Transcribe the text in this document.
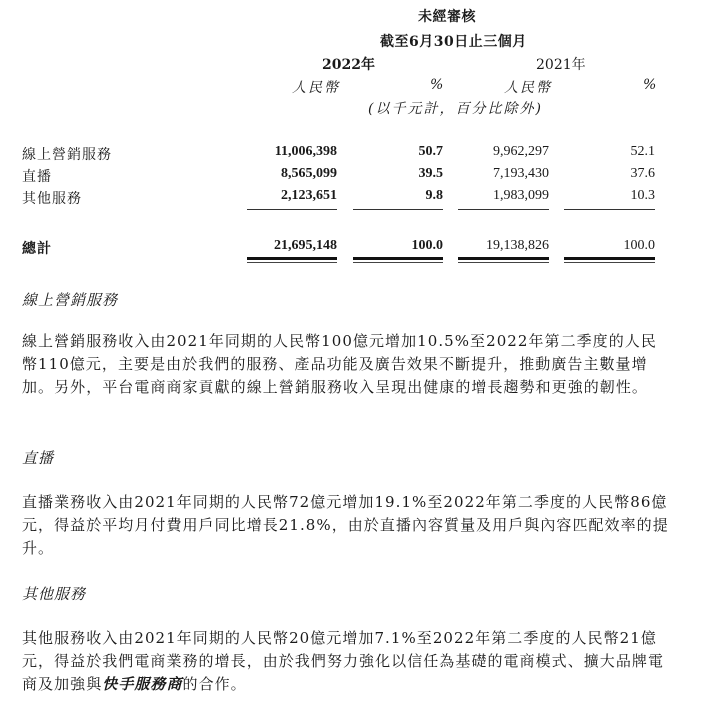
未經審核
截至6月30日止三個月
2022年	2021年
人民幣	%	人民幣	%
(以千元計，百分比除外)
線上營銷服務	11,006,398	50.7	9,962,297	52.1
直播	8,565,099	39.5	7,193,430	37.6
其他服務	2,123,651	9.8	1,983,099	10.3
總計	21,695,148	100.0	19,138,826	100.0
線上營銷服務
線上營銷服務收入由2021年同期的人民幣100億元增加10.5%至2022年第二季度的人民幣110億元，主要是由於我們的服務、產品功能及廣告效果不斷提升，推動廣告主數量增加。另外，平台電商商家貢獻的線上營銷服務收入呈現出健康的增長趨勢和更強的韌性。
直播
直播業務收入由2021年同期的人民幣72億元增加19.1%至2022年第二季度的人民幣86億元，得益於平均月付費用戶同比增長21.8%，由於直播內容質量及用戶與內容匹配效率的提升。
其他服務
其他服務收入由2021年同期的人民幣20億元增加7.1%至2022年第二季度的人民幣21億元，得益於我們電商業務的增長，由於我們努力強化以信任為基礎的電商模式、擴大品牌電商及加強與快手服務商的合作。
